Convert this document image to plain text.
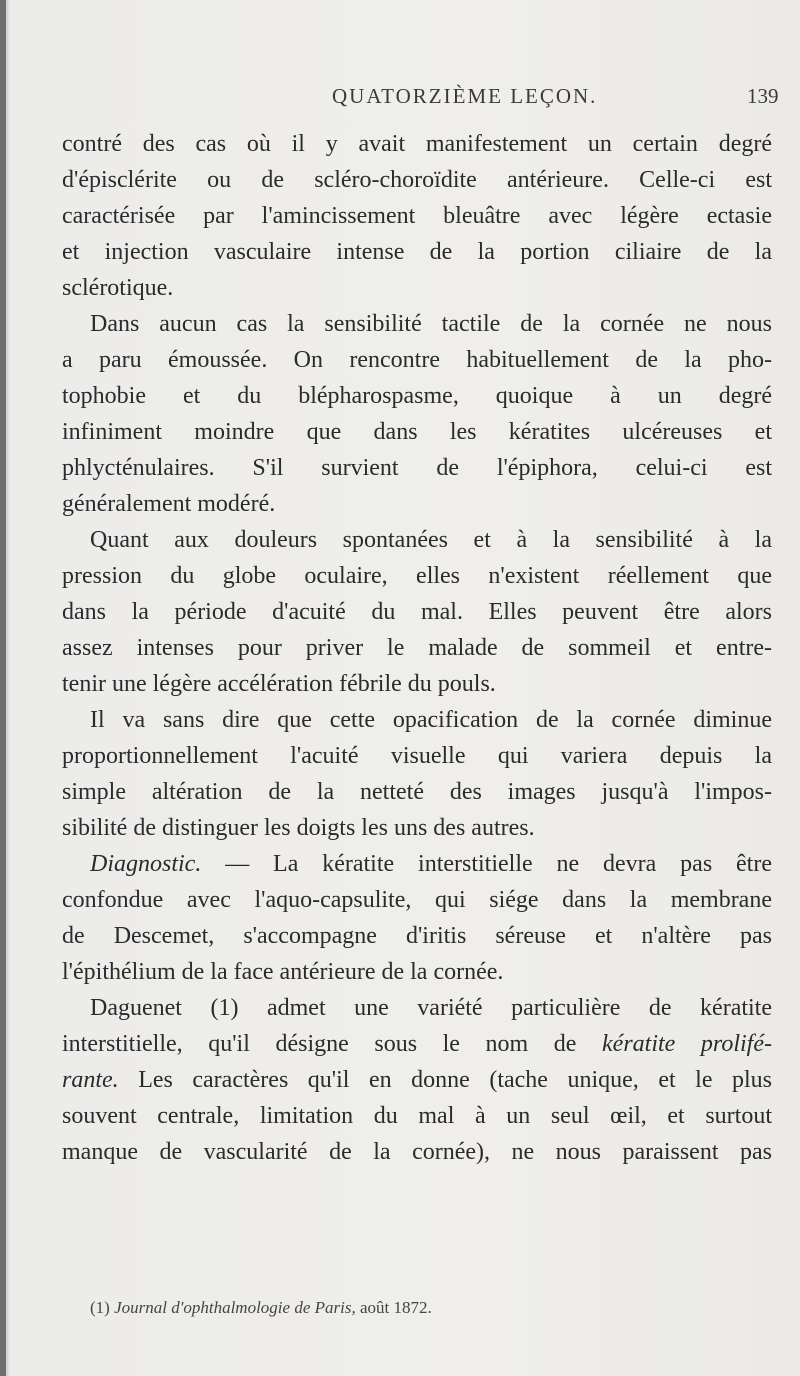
QUATORZIÈME LEÇON.	139
contré des cas où il y avait manifestement un certain degré
d'épisclérite ou de scléro-choroïdite antérieure. Celle-ci est
caractérisée par l'amincissement bleuâtre avec légère ectasie
et injection vasculaire intense de la portion ciliaire de la
sclérotique.
Dans aucun cas la sensibilité tactile de la cornée ne nous
a paru émoussée. On rencontre habituellement de la pho-
tophobie et du blépharospasme, quoique à un degré
infiniment moindre que dans les kératites ulcéreuses et
phlycténulaires. S'il survient de l'épiphora, celui-ci est
généralement modéré.
Quant aux douleurs spontanées et à la sensibilité à la
pression du globe oculaire, elles n'existent réellement que
dans la période d'acuité du mal. Elles peuvent être alors
assez intenses pour priver le malade de sommeil et entre-
tenir une légère accélération fébrile du pouls.
Il va sans dire que cette opacification de la cornée diminue
proportionnellement l'acuité visuelle qui variera depuis la
simple altération de la netteté des images jusqu'à l'impos-
sibilité de distinguer les doigts les uns des autres.
Diagnostic. — La kératite interstitielle ne devra pas être
confondue avec l'aquo-capsulite, qui siége dans la membrane
de Descemet, s'accompagne d'iritis séreuse et n'altère pas
l'épithélium de la face antérieure de la cornée.
Daguenet (1) admet une variété particulière de kératite
interstitielle, qu'il désigne sous le nom de kératite prolifé-
rante. Les caractères qu'il en donne (tache unique, et le plus
souvent centrale, limitation du mal à un seul œil, et surtout
manque de vascularité de la cornée), ne nous paraissent pas
(1) Journal d'ophthalmologie de Paris, août 1872.
